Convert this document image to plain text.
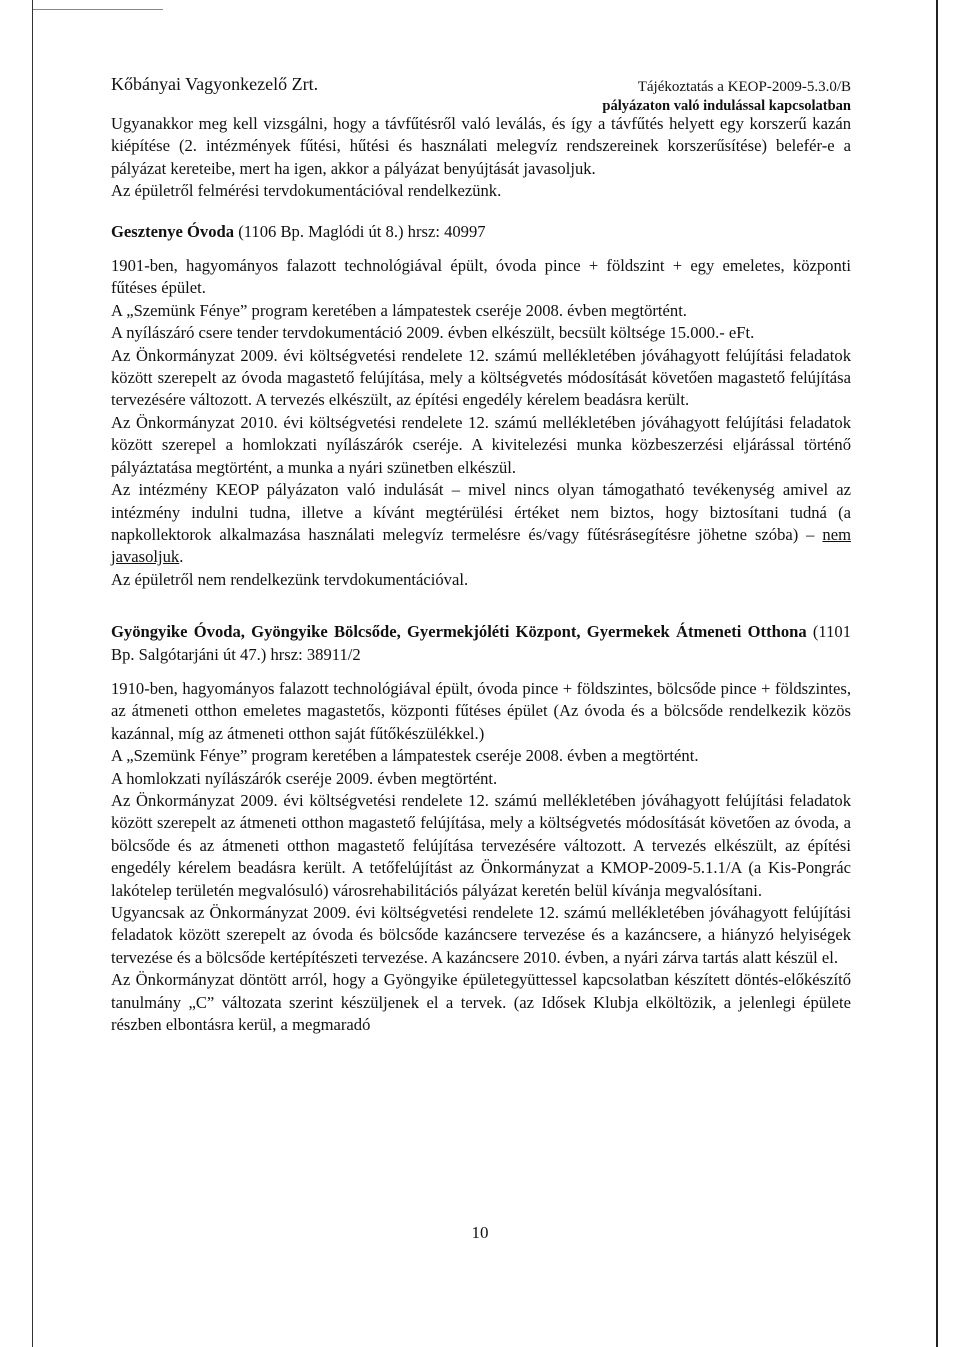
Kőbányai Vagyonkezelő Zrt.	Tájékoztatás a KEOP-2009-5.3.0/B
pályázaton való indulással kapcsolatban

Ugyanakkor meg kell vizsgálni, hogy a távfűtésről való leválás, és így a távfűtés helyett egy korszerű kazán kiépítése (2. intézmények fűtési, hűtési és használati melegvíz rendszereinek korszerűsítése) belefér-e a pályázat kereteibe, mert ha igen, akkor a pályázat benyújtását javasoljuk.

Az épületről felmérési tervdokumentációval rendelkezünk.

Gesztenye Óvoda (1106 Bp. Maglódi út 8.) hrsz: 40997

1901-ben, hagyományos falazott technológiával épült, óvoda pince + földszint + egy emeletes, központi fűtéses épület.

A „Szemünk Fénye” program keretében a lámpatestek cseréje 2008. évben megtörtént.

A nyílászáró csere tender tervdokumentáció 2009. évben elkészült, becsült költsége 15.000.- eFt.

Az Önkormányzat 2009. évi költségvetési rendelete 12. számú mellékletében jóváhagyott felújítási feladatok között szerepelt az óvoda magastető felújítása, mely a költségvetés módosítását követően magastető felújítása tervezésére változott. A tervezés elkészült, az építési engedély kérelem beadásra került.

Az Önkormányzat 2010. évi költségvetési rendelete 12. számú mellékletében jóváhagyott felújítási feladatok között szerepel a homlokzati nyílászárók cseréje. A kivitelezési munka közbeszerzési eljárással történő pályáztatása megtörtént, a munka a nyári szünetben elkészül.

Az intézmény KEOP pályázaton való indulását – mivel nincs olyan támogatható tevékenység amivel az intézmény indulni tudna, illetve a kívánt megtérülési értéket nem biztos, hogy biztosítani tudná (a napkollektorok alkalmazása használati melegvíz termelésre és/vagy fűtésrásegítésre jöhetne szóba) – nem javasoljuk.

Az épületről nem rendelkezünk tervdokumentációval.

Gyöngyike Óvoda, Gyöngyike Bölcsőde, Gyermekjóléti Központ, Gyermekek Átmeneti Otthona (1101 Bp. Salgótarjáni út 47.) hrsz: 38911/2

1910-ben, hagyományos falazott technológiával épült, óvoda pince + földszintes, bölcsőde pince + földszintes, az átmeneti otthon emeletes magastetős, központi fűtéses épület (Az óvoda és a bölcsőde rendelkezik közös kazánnal, míg az átmeneti otthon saját fűtőkészülékkel.)

A „Szemünk Fénye” program keretében a lámpatestek cseréje 2008. évben a megtörtént.

A homlokzati nyílászárók cseréje 2009. évben megtörtént.

Az Önkormányzat 2009. évi költségvetési rendelete 12. számú mellékletében jóváhagyott felújítási feladatok között szerepelt az átmeneti otthon magastető felújítása, mely a költségvetés módosítását követően az óvoda, a bölcsőde és az átmeneti otthon magastető felújítása tervezésére változott. A tervezés elkészült, az építési engedély kérelem beadásra került. A tetőfelújítást az Önkormányzat a KMOP-2009-5.1.1/A (a Kis-Pongrác lakótelep területén megvalósuló) városrehabilitációs pályázat keretén belül kívánja megvalósítani.

Ugyancsak az Önkormányzat 2009. évi költségvetési rendelete 12. számú mellékletében jóváhagyott felújítási feladatok között szerepelt az óvoda és bölcsőde kazáncsere tervezése és a kazáncsere, a hiányzó helyiségek tervezése és a bölcsőde kertépítészeti tervezése. A kazáncsere 2010. évben, a nyári zárva tartás alatt készül el.

Az Önkormányzat döntött arról, hogy a Gyöngyike épületegyüttessel kapcsolatban készített döntés-előkészítő tanulmány „C” változata szerint készüljenek el a tervek. (az Idősek Klubja elköltözik, a jelenlegi épülete részben elbontásra kerül, a megmaradó

10
